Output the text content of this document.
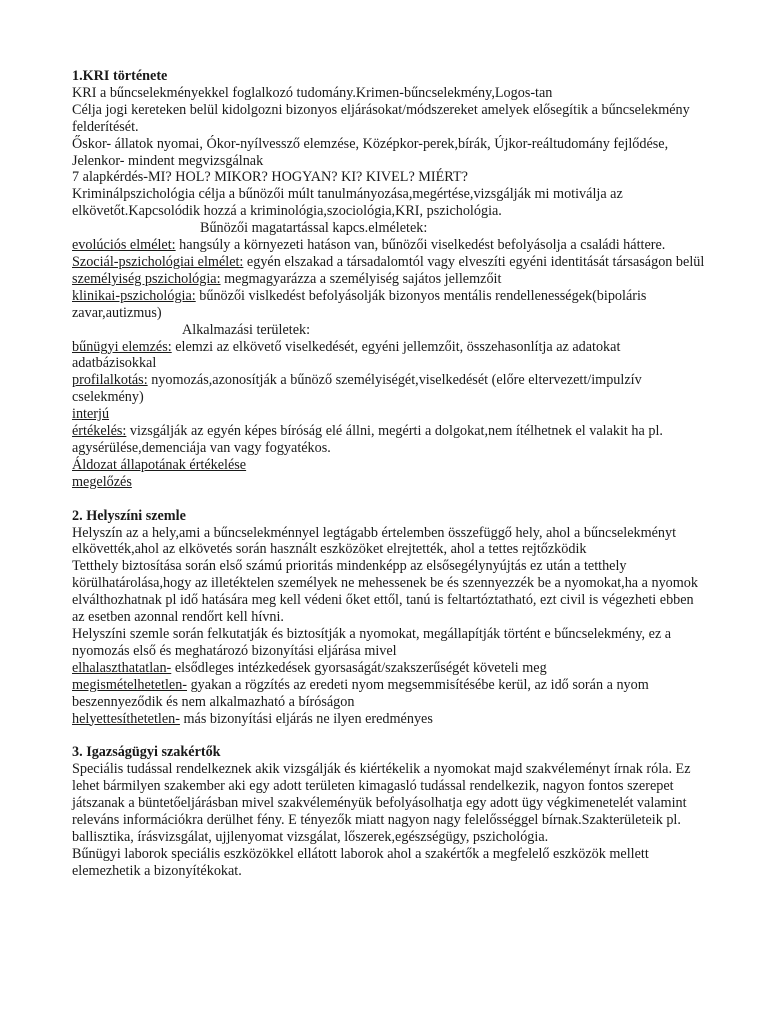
1.KRI története

KRI a bűncselekményekkel foglalkozó tudomány.Krimen-bűncselekmény,Logos-tan

Célja jogi kereteken belül kidolgozni bizonyos eljárásokat/módszereket amelyek elősegítik a bűncselekmény felderítését.

Őskor- állatok nyomai, Ókor-nyílvessző elemzése, Középkor-perek,bírák, Újkor-reáltudomány fejlődése, Jelenkor- mindent megvizsgálnak

7 alapkérdés-MI? HOL? MIKOR? HOGYAN? KI? KIVEL? MIÉRT?

Kriminálpszichológia célja a bűnözői múlt tanulmányozása,megértése,vizsgálják mi motiválja az elkövetőt.Kapcsolódik hozzá a kriminológia,szociológia,KRI, pszichológia.

Bűnözői magatartással kapcs.elméletek:

evolúciós elmélet: hangsúly a környezeti hatáson van, bűnözői viselkedést befolyásolja a családi háttere.

Szociál-pszichológiai elmélet: egyén elszakad a társadalomtól vagy elveszíti egyéni identitását társaságon belül

személyiség pszichológia: megmagyarázza a személyiség sajátos jellemzőit

klinikai-pszichológia: bűnözői vislkedést befolyásolják bizonyos mentális rendellenességek(bipoláris zavar,autizmus)

Alkalmazási területek:

bűnügyi elemzés: elemzi az elkövető viselkedését, egyéni jellemzőit, összehasonlítja az adatokat adatbázisokkal

profilalkotás: nyomozás,azonosítják a bűnöző személyiségét,viselkedését (előre eltervezett/impulzív cselekmény)

interjú

értékelés: vizsgálják az egyén képes bíróság elé állni, megérti a dolgokat,nem ítélhetnek el valakit ha pl. agysérülése,demenciája van vagy fogyatékos.

Áldozat állapotának értékelése

megelőzés

2. Helyszíni szemle

Helyszín az a hely,ami a bűncselekménnyel legtágabb értelemben összefüggő hely, ahol a bűncselekményt elkövették,ahol az elkövetés során használt eszközöket elrejtették, ahol a tettes rejtőzködik

Tetthely biztosítása során első számú prioritás mindenképp az elsősegélynyújtás ez után a tetthely körülhatárolása,hogy az illetéktelen személyek ne mehessenek be és szennyezzék be a nyomokat,ha a nyomok elválthozhatnak pl idő hatására meg kell védeni őket ettől, tanú is feltartóztatható, ezt civil is végezheti ebben az esetben azonnal rendőrt kell hívni.

Helyszíni szemle során felkutatják és biztosítják a nyomokat, megállapítják történt e bűncselekmény, ez a nyomozás első és meghatározó bizonyítási eljárása mivel

elhalaszthatatlan- elsődleges intézkedések gyorsaságát/szakszerűségét követeli meg

megismételhetetlen- gyakan a rögzítés az eredeti nyom megsemmisítésébe kerül, az idő során a nyom beszennyeződik és nem alkalmazható a bíróságon

helyettesíthetetlen- más bizonyítási eljárás ne ilyen eredményes

3. Igazságügyi szakértők

Speciális tudással rendelkeznek akik vizsgálják és kiértékelik a nyomokat majd szakvéleményt írnak róla. Ez lehet bármilyen szakember aki egy adott területen kimagasló tudással rendelkezik, nagyon fontos szerepet játszanak a büntetőeljárásban mivel szakvéleményük befolyásolhatja egy adott ügy végkimenetelét valamint releváns információkra derülhet fény. E tényezők miatt nagyon nagy felelősséggel bírnak.Szakterületeik pl. ballisztika, írásvizsgálat, ujjlenyomat vizsgálat, lőszerek,egészségügy, pszichológia.

Bűnügyi laborok speciális eszközökkel ellátott laborok ahol a szakértők a megfelelő eszközök mellett elemezhetik a bizonyítékokat.
